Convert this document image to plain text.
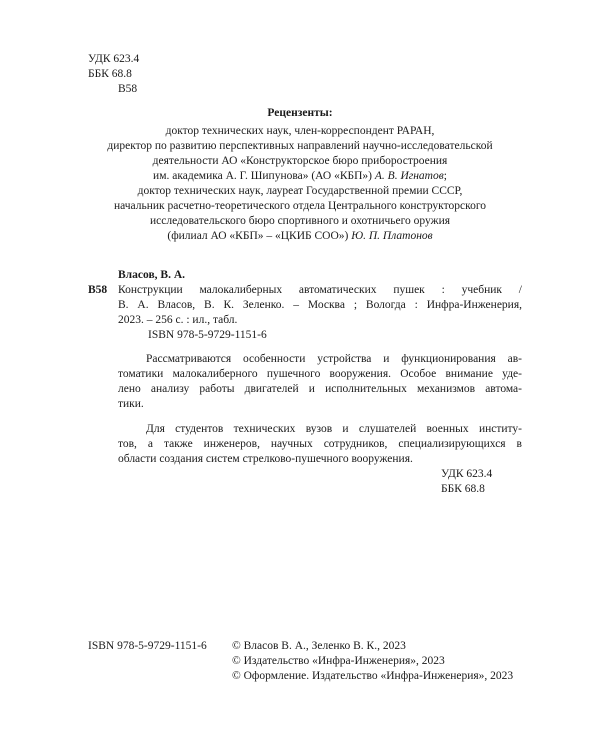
УДК 623.4
ББК 68.8
В58
Рецензенты:
доктор технических наук, член-корреспондент РАРАН,
директор по развитию перспективных направлений научно-исследовательской
деятельности АО «Конструкторское бюро приборостроения
им. академика А. Г. Шипунова» (АО «КБП») А. В. Игнатов;
доктор технических наук, лауреат Государственной премии СССР,
начальник расчетно-теоретического отдела Центрального конструкторского
исследовательского бюро спортивного и охотничьего оружия
(филиал АО «КБП» – «ЦКИБ СОО») Ю. П. Платонов
Власов, В. А.
В58 Конструкции малокалиберных автоматических пушек : учебник /
В. А. Власов, В. К. Зеленко. – Москва ; Вологда : Инфра-Инженерия,
2023. – 256 с. : ил., табл.
ISBN 978-5-9729-1151-6
Рассматриваются особенности устройства и функционирования ав-
томатики малокалиберного пушечного вооружения. Особое внимание уде-
лено анализу работы двигателей и исполнительных механизмов автома-
тики.
Для студентов технических вузов и слушателей военных институ-
тов, а также инженеров, научных сотрудников, специализирующихся в
области создания систем стрелково-пушечного вооружения.
УДК 623.4
ББК 68.8
ISBN 978-5-9729-1151-6 © Власов В. А., Зеленко В. К., 2023
© Издательство «Инфра-Инженерия», 2023
© Оформление. Издательство «Инфра-Инженерия», 2023
